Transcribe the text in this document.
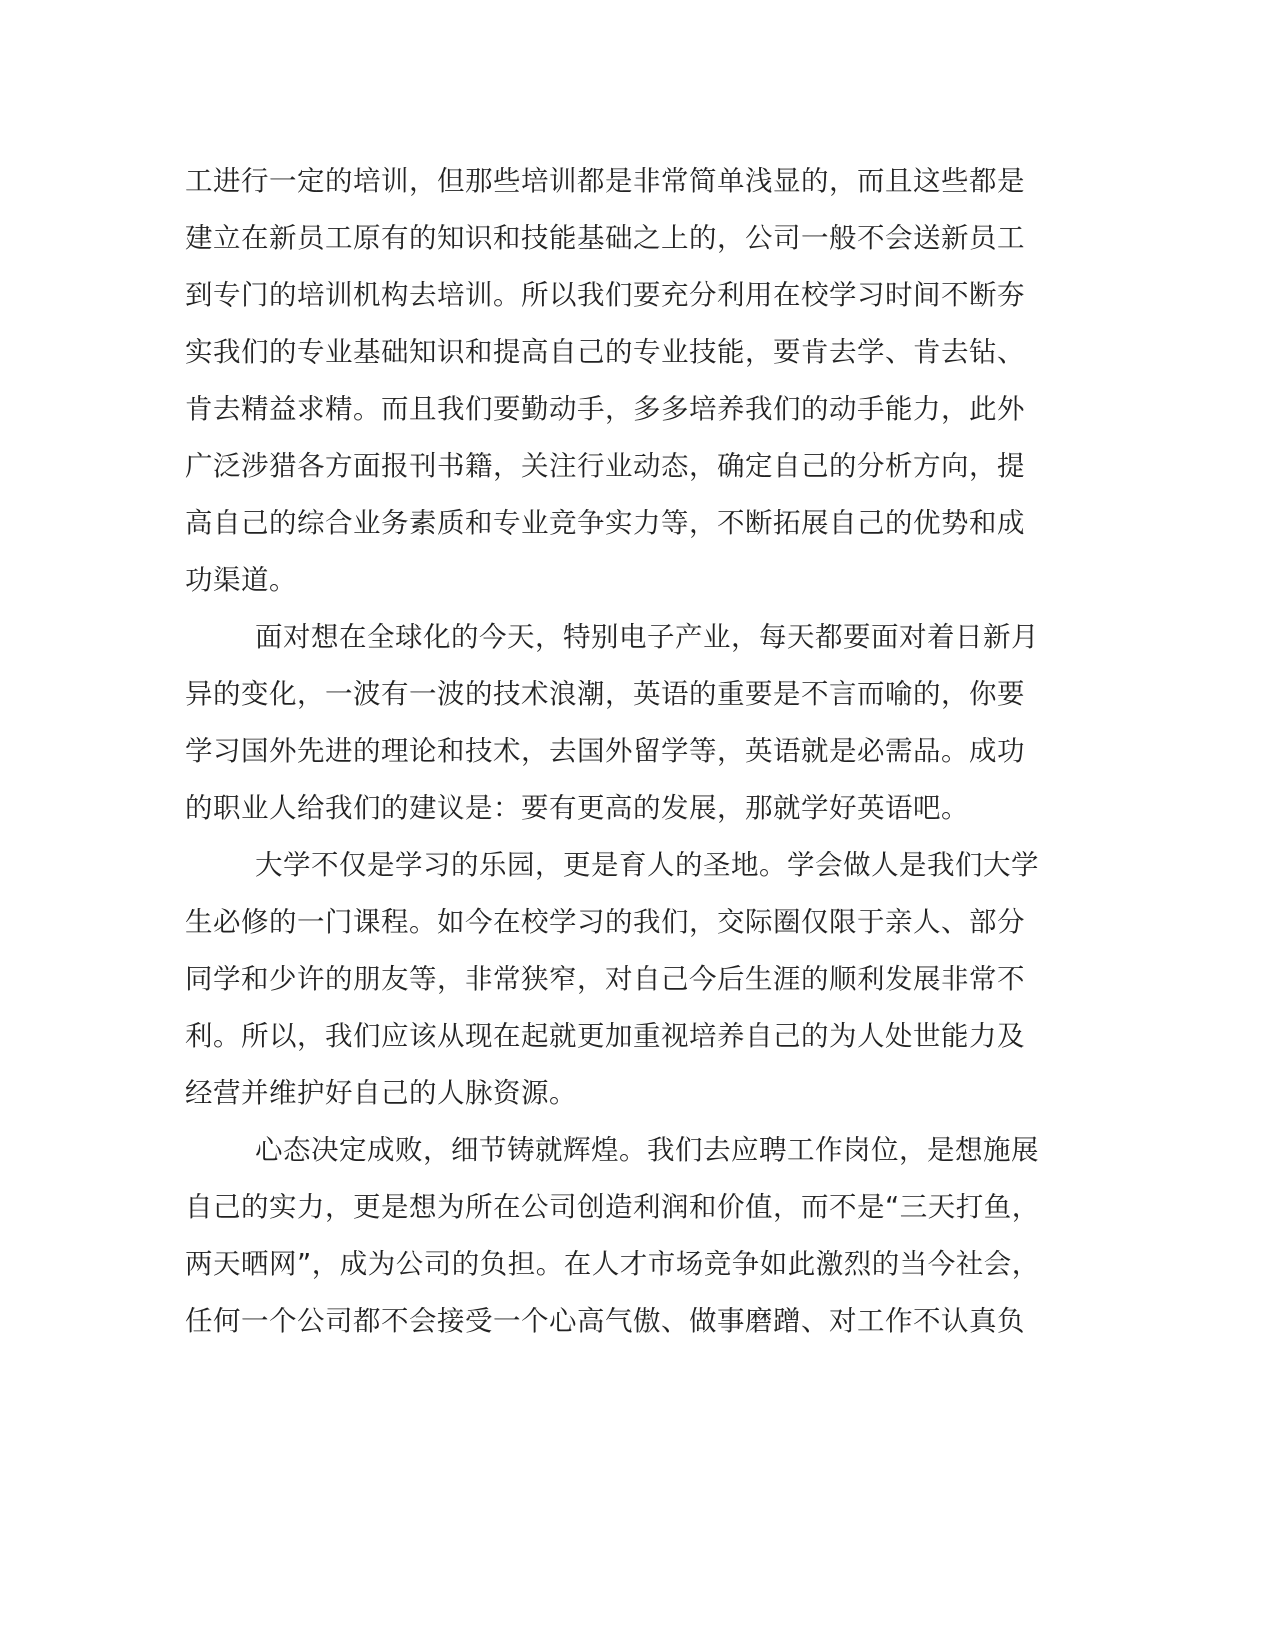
工进行一定的培训，但那些培训都是非常简单浅显的，而且这些都是
建立在新员工原有的知识和技能基础之上的，公司一般不会送新员工
到专门的培训机构去培训。所以我们要充分利用在校学习时间不断夯
实我们的专业基础知识和提高自己的专业技能，要肯去学、肯去钻、
肯去精益求精。而且我们要勤动手，多多培养我们的动手能力，此外
广泛涉猎各方面报刊书籍，关注行业动态，确定自己的分析方向，提
高自己的综合业务素质和专业竞争实力等，不断拓展自己的优势和成
功渠道。
面对想在全球化的今天，特别电子产业，每天都要面对着日新月
异的变化，一波有一波的技术浪潮，英语的重要是不言而喻的，你要
学习国外先进的理论和技术，去国外留学等，英语就是必需品。成功
的职业人给我们的建议是：要有更高的发展，那就学好英语吧。
大学不仅是学习的乐园，更是育人的圣地。学会做人是我们大学
生必修的一门课程。如今在校学习的我们，交际圈仅限于亲人、部分
同学和少许的朋友等，非常狭窄，对自己今后生涯的顺利发展非常不
利。所以，我们应该从现在起就更加重视培养自己的为人处世能力及
经营并维护好自己的人脉资源。
心态决定成败，细节铸就辉煌。我们去应聘工作岗位，是想施展
自己的实力，更是想为所在公司创造利润和价值，而不是“三天打鱼，
两天晒网”，成为公司的负担。在人才市场竞争如此激烈的当今社会，
任何一个公司都不会接受一个心高气傲、做事磨蹭、对工作不认真负
